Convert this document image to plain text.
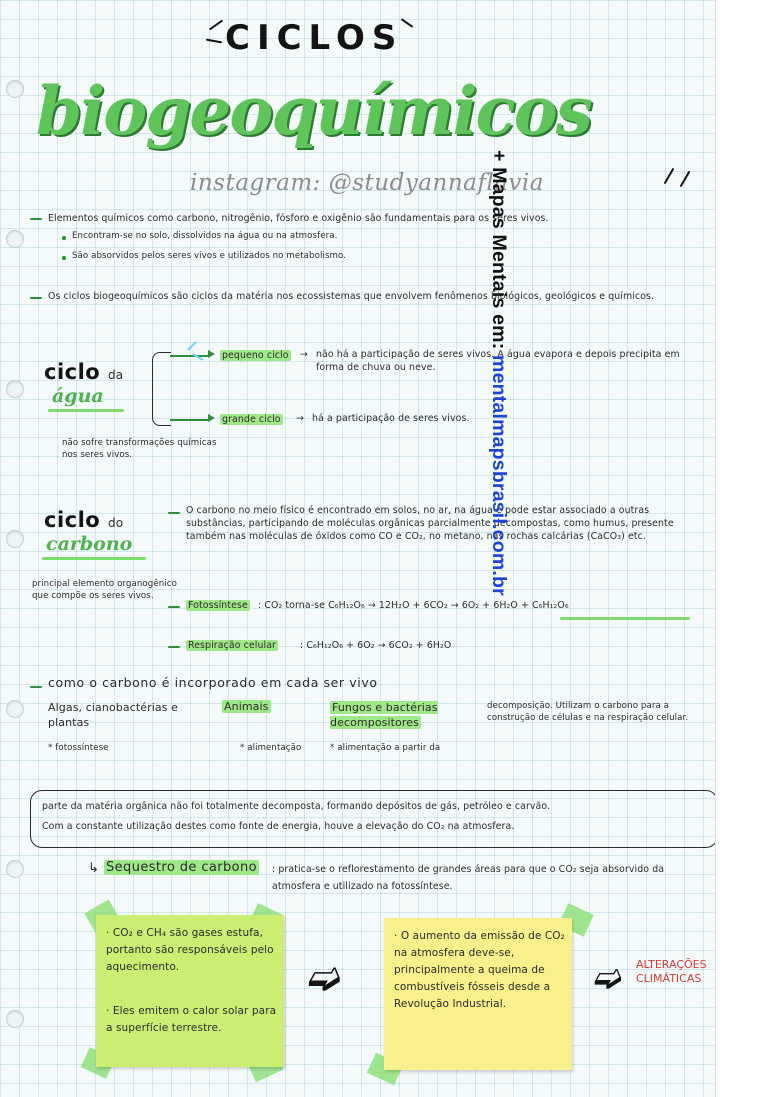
CICLOS
biogeoquímicos
instagram: @studyannaflavia
Elementos químicos como carbono, nitrogênio, fósforo e oxigênio são fundamentais para os seres vivos.
Encontram-se no solo, dissolvidos na água ou na atmosfera.
São absorvidos pelos seres vivos e utilizados no metabolismo.
Os ciclos biogeoquímicos são ciclos da matéria nos ecossistemas que envolvem fenômenos biológicos, geológicos e químicos.
ciclo da
água
não sofre transformações químicas nos seres vivos.
pequeno ciclo → não há a participação de seres vivos. A água evapora e depois precipita em forma de chuva ou neve.
grande ciclo → há a participação de seres vivos.
ciclo do
carbono
principal elemento organogênico que compõe os seres vivos.
O carbono no meio físico é encontrado em solos, no ar, na água e pode estar associado a outras substâncias, participando de moléculas orgânicas parcialmente decompostas, como humus, presente também nas moléculas de óxidos como CO e CO₂, no metano, nas rochas calcárias (CaCO₃) etc.
Fotossíntese : CO₂ torna-se C₆H₁₂O₆ → 12H₂O + 6CO₂ → 6O₂ + 6H₂O + C₆H₁₂O₆
Respiração celular	: C₆H₁₂O₆ + 6O₂ → 6CO₂ + 6H₂O
como o carbono é incorporado em cada ser vivo
Algas, cianobactérias e plantas
* fotossíntese
Animais
* alimentação
Fungos e bactérias decompositores
* alimentação a partir da
decomposição. Utilizam o carbono para a construção de células e na respiração celular.
parte da matéria orgânica não foi totalmente decomposta, formando depósitos de gás, petróleo e carvão.
Com a constante utilização destes como fonte de energia, houve a elevação do CO₂ na atmosfera.
↳ Sequestro de carbono : pratica-se o reflorestamento de grandes áreas para que o CO₂ seja absorvido da atmosfera e utilizado na fotossíntese.
· CO₂ e CH₄ são gases estufa, portanto são responsáveis pelo aquecimento.
· Eles emitem o calor solar para a superfície terrestre.
· O aumento da emissão de CO₂ na atmosfera deve-se, principalmente a queima de combustíveis fósseis desde a Revolução Industrial.
➫	➫ ALTERAÇÕES CLIMÁTICAS
+ Mapas Mentais em: mentalmapsbrasil.com.br
